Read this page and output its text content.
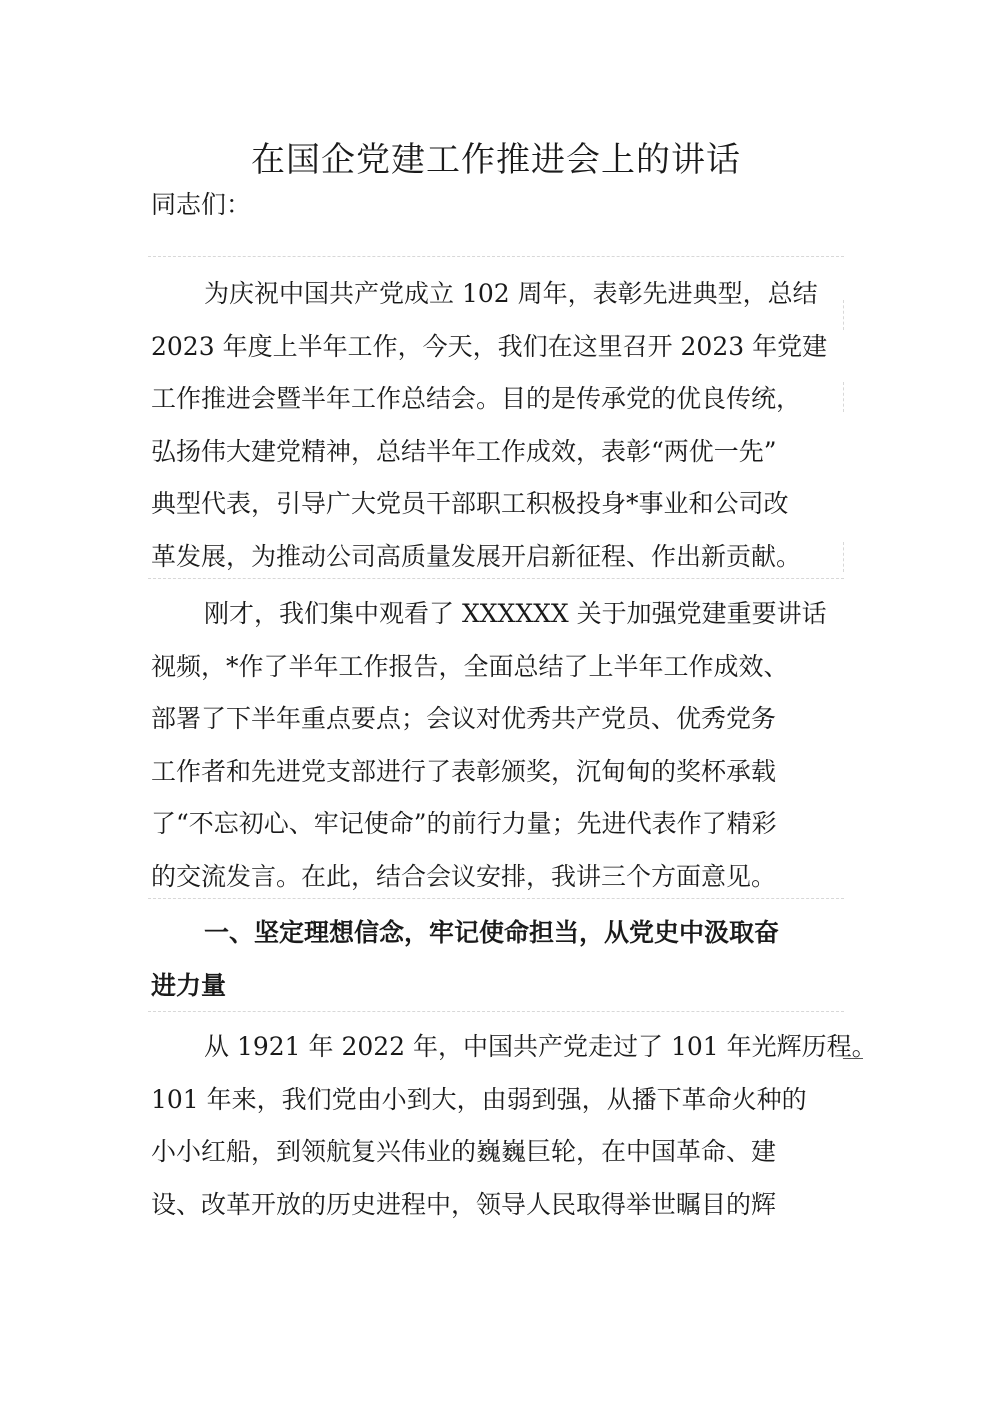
在国企党建工作推进会上的讲话
同志们：
为庆祝中国共产党成立 102 周年，表彰先进典型，总结
2023 年度上半年工作，今天，我们在这里召开 2023 年党建
工作推进会暨半年工作总结会。目的是传承党的优良传统，
弘扬伟大建党精神，总结半年工作成效，表彰“两优一先”
典型代表，引导广大党员干部职工积极投身*事业和公司改
革发展，为推动公司高质量发展开启新征程、作出新贡献。
刚才，我们集中观看了 XXXXXX 关于加强党建重要讲话
视频，*作了半年工作报告，全面总结了上半年工作成效、
部署了下半年重点要点；会议对优秀共产党员、优秀党务
工作者和先进党支部进行了表彰颁奖，沉甸甸的奖杯承载
了“不忘初心、牢记使命”的前行力量；先进代表作了精彩
的交流发言。在此，结合会议安排，我讲三个方面意见。
一、坚定理想信念，牢记使命担当，从党史中汲取奋
进力量
从 1921 年 2022 年，中国共产党走过了 101 年光辉历程。
101 年来，我们党由小到大，由弱到强，从播下革命火种的
小小红船，到领航复兴伟业的巍巍巨轮，在中国革命、建
设、改革开放的历史进程中，领导人民取得举世瞩目的辉
